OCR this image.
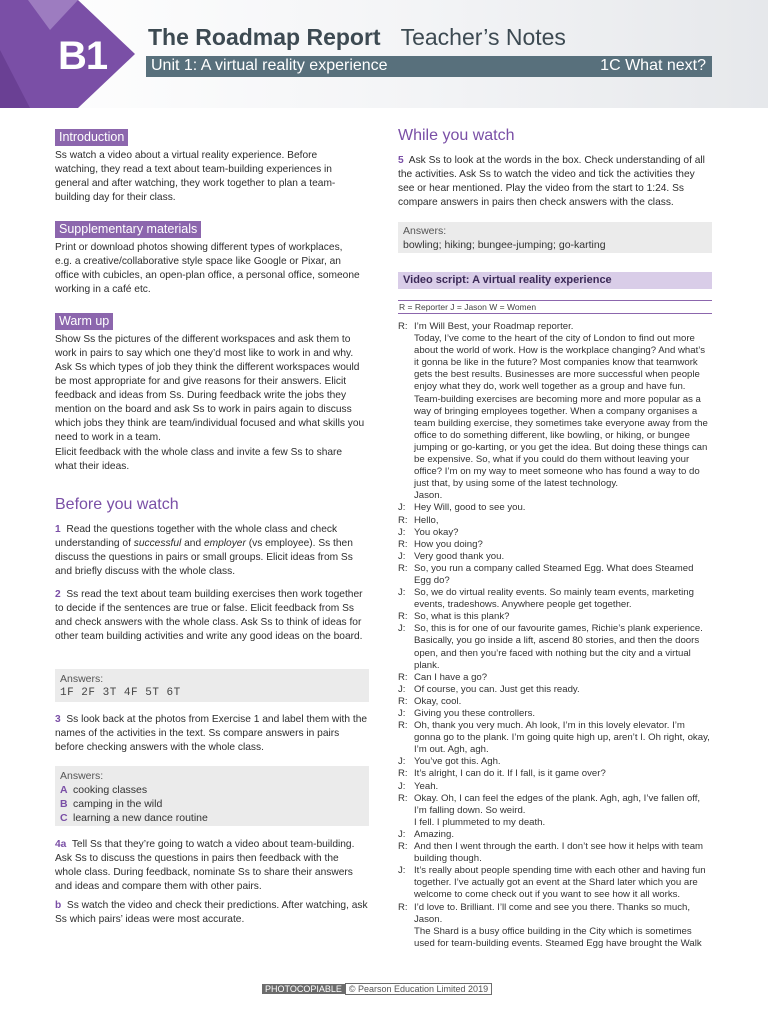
B1 The Roadmap Report Teacher’s Notes
Unit 1: A virtual reality experience	1C What next?
Introduction
Ss watch a video about a virtual reality experience. Before watching, they read a text about team-building experiences in general and after watching, they work together to plan a team-building day for their class.
Supplementary materials
Print or download photos showing different types of workplaces, e.g. a creative/collaborative style space like Google or Pixar, an office with cubicles, an open-plan office, a personal office, someone working in a café etc.
Warm up
Show Ss the pictures of the different workspaces and ask them to work in pairs to say which one they’d most like to work in and why. Ask Ss which types of job they think the different workspaces would be most appropriate for and give reasons for their answers. Elicit feedback and ideas from Ss. During feedback write the jobs they mention on the board and ask Ss to work in pairs again to discuss which jobs they think are team/individual focused and what skills you need to work in a team.
Elicit feedback with the whole class and invite a few Ss to share what their ideas.
Before you watch
1 Read the questions together with the whole class and check understanding of successful and employer (vs employee). Ss then discuss the questions in pairs or small groups. Elicit ideas from Ss and briefly discuss with the whole class.
2 Ss read the text about team building exercises then work together to decide if the sentences are true or false. Elicit feedback from Ss and check answers with the whole class. Ask Ss to think of ideas for other team building activities and write any good ideas on the board.
Answers:
1F 2F 3T 4F 5T 6T
3 Ss look back at the photos from Exercise 1 and label them with the names of the activities in the text. Ss compare answers in pairs before checking answers with the whole class.
Answers:
A cooking classes
B camping in the wild
C learning a new dance routine
4a Tell Ss that they’re going to watch a video about team-building. Ask Ss to discuss the questions in pairs then feedback with the whole class. During feedback, nominate Ss to share their answers and ideas and compare them with other pairs.
b Ss watch the video and check their predictions. After watching, ask Ss which pairs’ ideas were most accurate.
While you watch
5 Ask Ss to look at the words in the box. Check understanding of all the activities. Ask Ss to watch the video and tick the activities they see or hear mentioned. Play the video from the start to 1:24. Ss compare answers in pairs then check answers with the class.
Answers:
bowling; hiking; bungee-jumping; go-karting
Video script: A virtual reality experience
R = Reporter J = Jason W = Women
R: I’m Will Best, your Roadmap reporter.
Today, I’ve come to the heart of the city of London to find out more about the world of work. How is the workplace changing? And what’s it gonna be like in the future? Most companies know that teamwork gets the best results. Businesses are more successful when people enjoy what they do, work well together as a group and have fun. Team-building exercises are becoming more and more popular as a way of bringing employees together. When a company organises a team building exercise, they sometimes take everyone away from the office to do something different, like bowling, or hiking, or bungee jumping or go-karting, or you get the idea. But doing these things can be expensive. So, what if you could do them without leaving your office? I’m on my way to meet someone who has found a way to do just that, by using some of the latest technology.
Jason.
J: Hey Will, good to see you.
R: Hello,
J: You okay?
R: How you doing?
J: Very good thank you.
R: So, you run a company called Steamed Egg. What does Steamed Egg do?
J: So, we do virtual reality events. So mainly team events, marketing events, tradeshows. Anywhere people get together.
R: So, what is this plank?
J: So, this is for one of our favourite games, Richie’s plank experience. Basically, you go inside a lift, ascend 80 stories, and then the doors open, and then you’re faced with nothing but the city and a virtual plank.
R: Can I have a go?
J: Of course, you can. Just get this ready.
R: Okay, cool.
J: Giving you these controllers.
R: Oh, thank you very much. Ah look, I’m in this lovely elevator. I’m gonna go to the plank. I’m going quite high up, aren’t I. Oh right, okay, I’m out. Agh, agh.
J: You’ve got this. Agh.
R: It’s alright, I can do it. If I fall, is it game over?
J: Yeah.
R: Okay. Oh, I can feel the edges of the plank. Agh, agh, I’ve fallen off, I’m falling down. So weird.
I fell. I plummeted to my death.
J: Amazing.
R: And then I went through the earth. I don’t see how it helps with team building though.
J: It’s really about people spending time with each other and having fun together. I’ve actually got an event at the Shard later which you are welcome to come check out if you want to see how it all works.
R: I’d love to. Brilliant. I’ll come and see you there. Thanks so much, Jason.
The Shard is a busy office building in the City which is sometimes used for team-building events. Steamed Egg have brought the Walk
PHOTOCOPIABLE © Pearson Education Limited 2019
